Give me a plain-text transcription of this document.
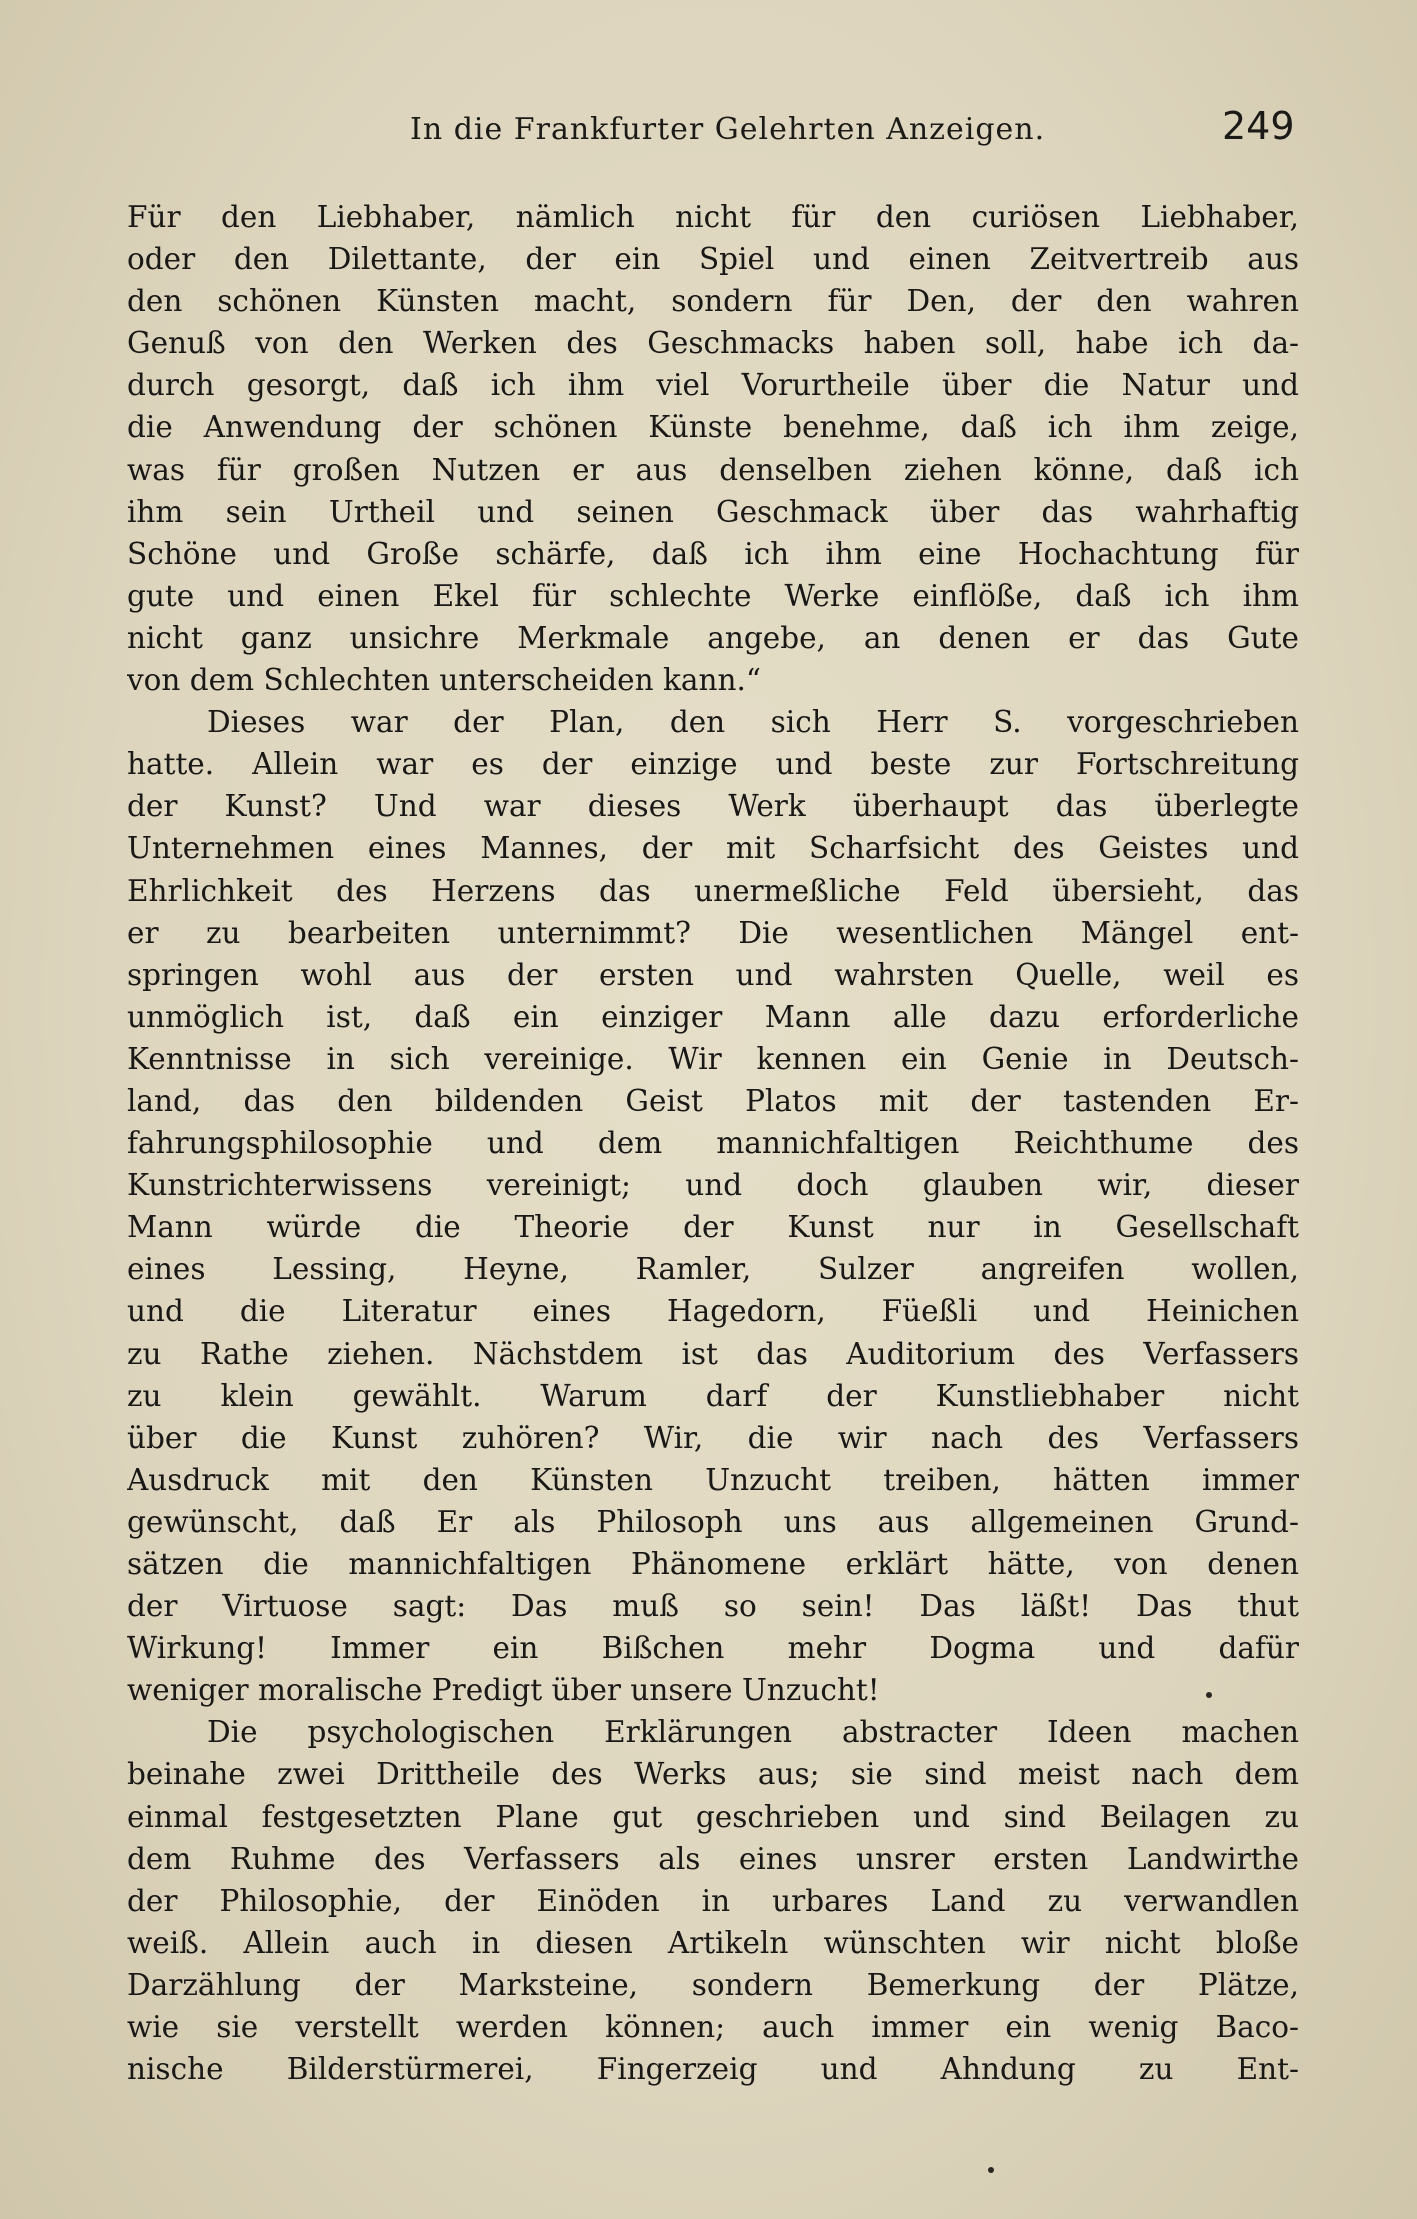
In die Frankfurter Gelehrten Anzeigen.	249
Für den Liebhaber, nämlich nicht für den curiösen Liebhaber,
oder den Dilettante, der ein Spiel und einen Zeitvertreib aus
den schönen Künsten macht, sondern für Den, der den wahren
Genuß von den Werken des Geschmacks haben soll, habe ich da-
durch gesorgt, daß ich ihm viel Vorurtheile über die Natur und
die Anwendung der schönen Künste benehme, daß ich ihm zeige,
was für großen Nutzen er aus denselben ziehen könne, daß ich
ihm sein Urtheil und seinen Geschmack über das wahrhaftig
Schöne und Große schärfe, daß ich ihm eine Hochachtung für
gute und einen Ekel für schlechte Werke einflöße, daß ich ihm
nicht ganz unsichre Merkmale angebe, an denen er das Gute
von dem Schlechten unterscheiden kann.“
Dieses war der Plan, den sich Herr S. vorgeschrieben
hatte. Allein war es der einzige und beste zur Fortschreitung
der Kunst? Und war dieses Werk überhaupt das überlegte
Unternehmen eines Mannes, der mit Scharfsicht des Geistes und
Ehrlichkeit des Herzens das unermeßliche Feld übersieht, das
er zu bearbeiten unternimmt? Die wesentlichen Mängel ent-
springen wohl aus der ersten und wahrsten Quelle, weil es
unmöglich ist, daß ein einziger Mann alle dazu erforderliche
Kenntnisse in sich vereinige. Wir kennen ein Genie in Deutsch-
land, das den bildenden Geist Platos mit der tastenden Er-
fahrungsphilosophie und dem mannichfaltigen Reichthume des
Kunstrichterwissens vereinigt; und doch glauben wir, dieser
Mann würde die Theorie der Kunst nur in Gesellschaft
eines Lessing, Heyne, Ramler, Sulzer angreifen wollen,
und die Literatur eines Hagedorn, Füeßli und Heinichen
zu Rathe ziehen. Nächstdem ist das Auditorium des Verfassers
zu klein gewählt. Warum darf der Kunstliebhaber nicht
über die Kunst zuhören? Wir, die wir nach des Verfassers
Ausdruck mit den Künsten Unzucht treiben, hätten immer
gewünscht, daß Er als Philosoph uns aus allgemeinen Grund-
sätzen die mannichfaltigen Phänomene erklärt hätte, von denen
der Virtuose sagt: Das muß so sein! Das läßt! Das thut
Wirkung! Immer ein Bißchen mehr Dogma und dafür
weniger moralische Predigt über unsere Unzucht!
Die psychologischen Erklärungen abstracter Ideen machen
beinahe zwei Drittheile des Werks aus; sie sind meist nach dem
einmal festgesetzten Plane gut geschrieben und sind Beilagen zu
dem Ruhme des Verfassers als eines unsrer ersten Landwirthe
der Philosophie, der Einöden in urbares Land zu verwandlen
weiß. Allein auch in diesen Artikeln wünschten wir nicht bloße
Darzählung der Marksteine, sondern Bemerkung der Plätze,
wie sie verstellt werden können; auch immer ein wenig Baco-
nische Bilderstürmerei, Fingerzeig und Ahndung zu Ent-
